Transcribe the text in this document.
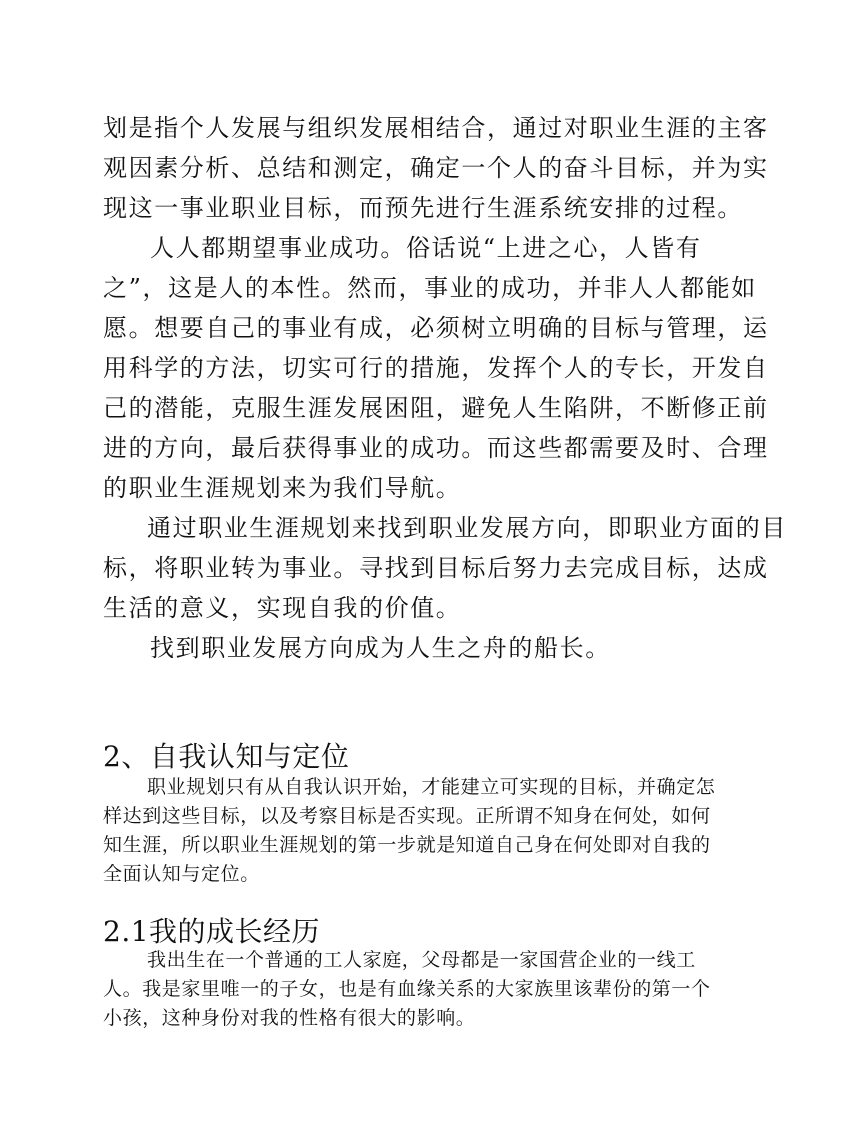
划是指个人发展与组织发展相结合，通过对职业生涯的主客

观因素分析、总结和测定，确定一个人的奋斗目标，并为实

现这一事业职业目标，而预先进行生涯系统安排的过程。

人人都期望事业成功。俗话说“上进之心，人皆有

之”，这是人的本性。然而，事业的成功，并非人人都能如

愿。想要自己的事业有成，必须树立明确的目标与管理，运

用科学的方法，切实可行的措施，发挥个人的专长，开发自

己的潜能，克服生涯发展困阻，避免人生陷阱，不断修正前

进的方向，最后获得事业的成功。而这些都需要及时、合理

的职业生涯规划来为我们导航。

通过职业生涯规划来找到职业发展方向，即职业方面的目

标，将职业转为事业。寻找到目标后努力去完成目标，达成

生活的意义，实现自我的价值。

找到职业发展方向成为人生之舟的船长。

2、自我认知与定位

职业规划只有从自我认识开始，才能建立可实现的目标，并确定怎

样达到这些目标，以及考察目标是否实现。正所谓不知身在何处，如何

知生涯，所以职业生涯规划的第一步就是知道自己身在何处即对自我的

全面认知与定位。

2.1我的成长经历

我出生在一个普通的工人家庭，父母都是一家国营企业的一线工

人。我是家里唯一的子女，也是有血缘关系的大家族里该辈份的第一个

小孩，这种身份对我的性格有很大的影响。
